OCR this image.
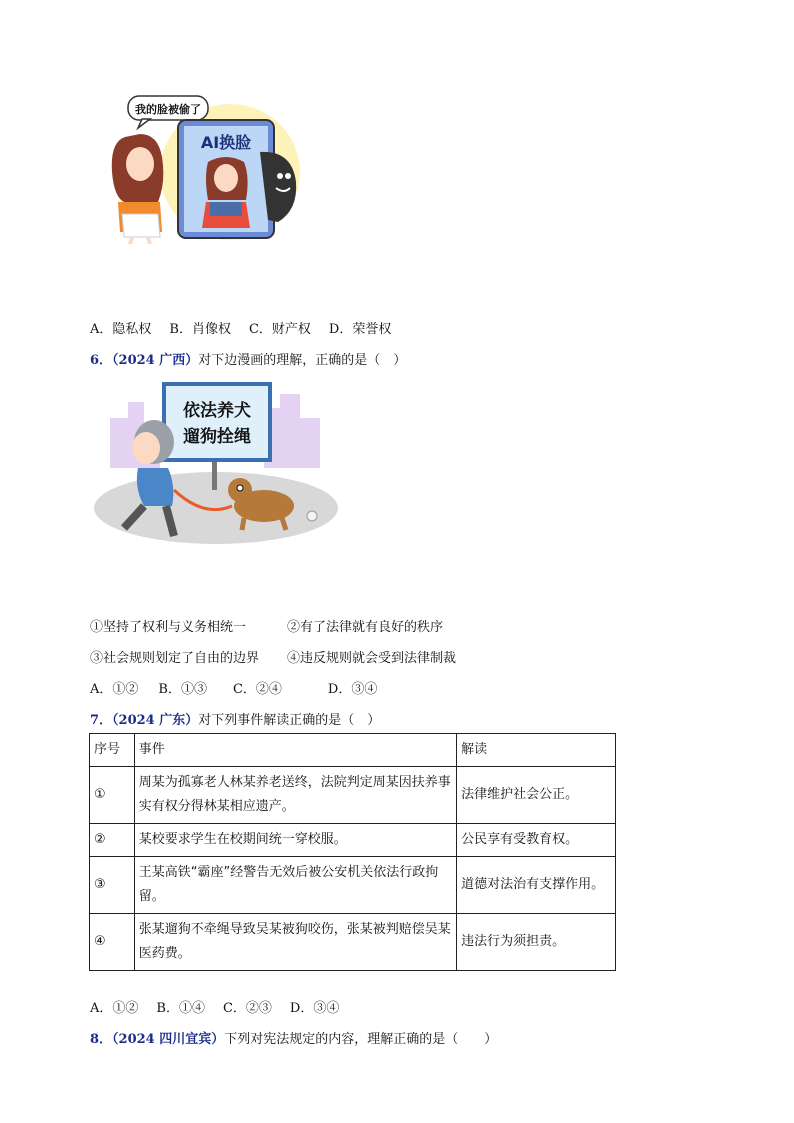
我的脸被偷了
AI换脸
A．隐私权 B．肖像权 C．财产权 D．荣誉权
6．（2024 广西）对下边漫画的理解，正确的是（　）
依法养犬
遛狗拴绳
①坚持了权利与义务相统一	②有了法律就有良好的秩序
③社会规则划定了自由的边界 ④违反规则就会受到法律制裁
A．①② B．①③ C．②④	D．③④
7．（2024 广东）对下列事件解读正确的是（　）
序号	事件	解读
①	周某为孤寡老人林某养老送终，法院判定周某因扶养事实有权分得林某相应遗产。	法律维护社会公正。
②	某校要求学生在校期间统一穿校服。	公民享有受教育权。
③	王某高铁“霸座”经警告无效后被公安机关依法行政拘留。	道德对法治有支撑作用。
④	张某遛狗不牵绳导致吴某被狗咬伤，张某被判赔偿吴某医药费。	违法行为须担责。
A．①② B．①④ C．②③ D．③④
8．（2024 四川宜宾）下列对宪法规定的内容，理解正确的是（　　）
